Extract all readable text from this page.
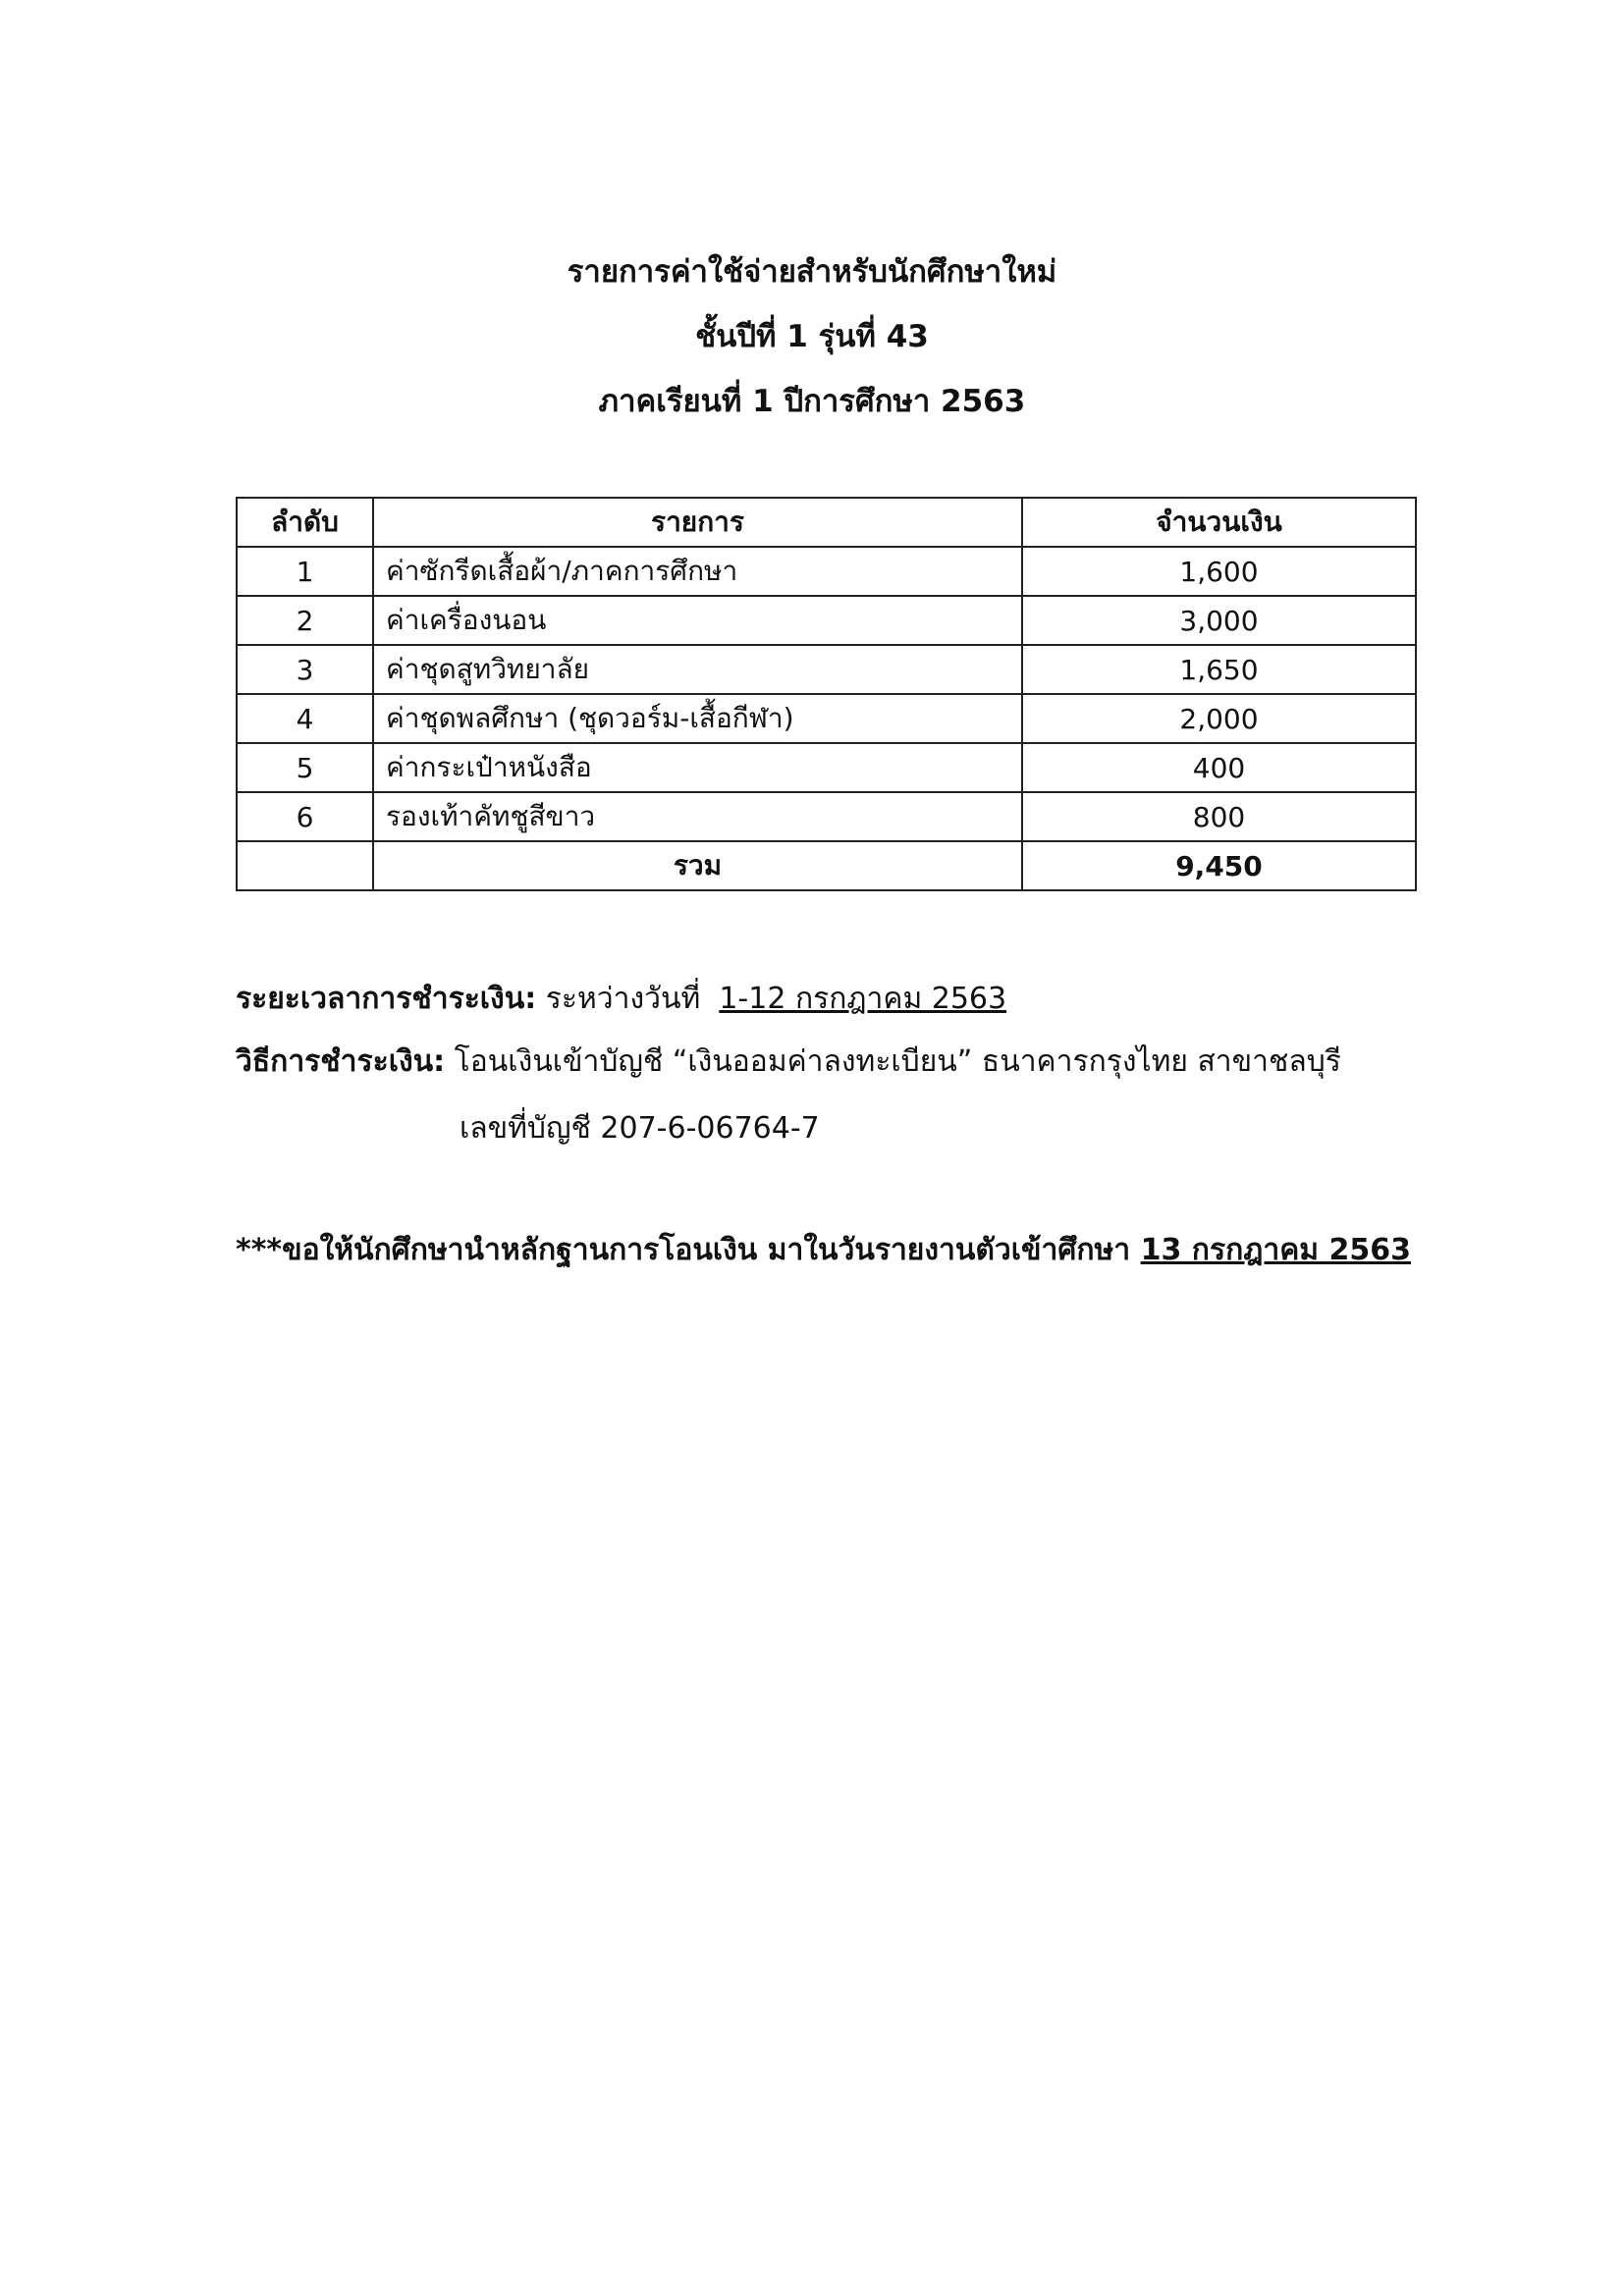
รายการค่าใช้จ่ายสำหรับนักศึกษาใหม่
ชั้นปีที่ 1 รุ่นที่ 43
ภาคเรียนที่ 1 ปีการศึกษา 2563
ลำดับ	รายการ	จำนวนเงิน
1	ค่าซักรีดเสื้อผ้า/ภาคการศึกษา	1,600
2	ค่าเครื่องนอน	3,000
3	ค่าชุดสูทวิทยาลัย	1,650
4	ค่าชุดพลศึกษา (ชุดวอร์ม-เสื้อกีฬา)	2,000
5	ค่ากระเป๋าหนังสือ	400
6	รองเท้าคัทชูสีขาว	800
	รวม	9,450
ระยะเวลาการชำระเงิน: ระหว่างวันที่ 1-12 กรกฎาคม 2563
วิธีการชำระเงิน: โอนเงินเข้าบัญชี “เงินออมค่าลงทะเบียน” ธนาคารกรุงไทย สาขาชลบุรี
เลขที่บัญชี 207-6-06764-7
***ขอให้นักศึกษานำหลักฐานการโอนเงิน มาในวันรายงานตัวเข้าศึกษา 13 กรกฎาคม 2563
